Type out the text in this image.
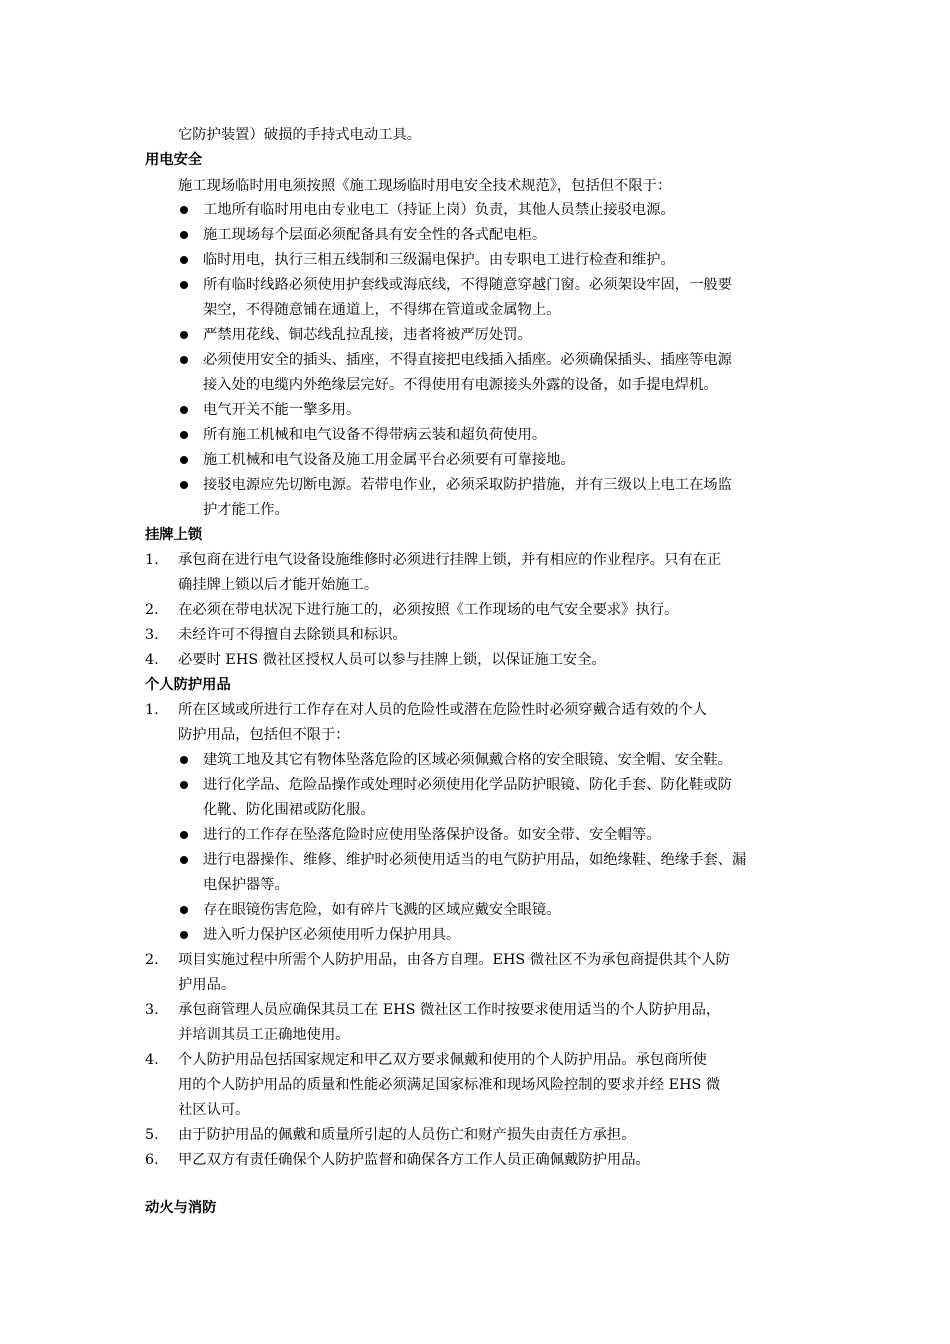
它防护装置）破损的手持式电动工具。
用电安全
施工现场临时用电须按照《施工现场临时用电安全技术规范》，包括但不限于：
工地所有临时用电由专业电工（持证上岗）负责，其他人员禁止接驳电源。
施工现场每个层面必须配备具有安全性的各式配电柜。
临时用电，执行三相五线制和三级漏电保护。由专职电工进行检查和维护。
所有临时线路必须使用护套线或海底线，不得随意穿越门窗。必须架设牢固，一般要
架空，不得随意铺在通道上，不得绑在管道或金属物上。
严禁用花线、铜芯线乱拉乱接，违者将被严厉处罚。
必须使用安全的插头、插座，不得直接把电线插入插座。必须确保插头、插座等电源
接入处的电缆内外绝缘层完好。不得使用有电源接头外露的设备，如手提电焊机。
电气开关不能一擎多用。
所有施工机械和电气设备不得带病云装和超负荷使用。
施工机械和电气设备及施工用金属平台必须要有可靠接地。
接驳电源应先切断电源。若带电作业，必须采取防护措施，并有三级以上电工在场监
护才能工作。
挂牌上锁
1. 承包商在进行电气设备设施维修时必须进行挂牌上锁，并有相应的作业程序。只有在正
确挂牌上锁以后才能开始施工。
2. 在必须在带电状况下进行施工的，必须按照《工作现场的电气安全要求》执行。
3. 未经许可不得擅自去除锁具和标识。
4. 必要时 EHS 微社区授权人员可以参与挂牌上锁，以保证施工安全。
个人防护用品
1. 所在区域或所进行工作存在对人员的危险性或潜在危险性时必须穿戴合适有效的个人
防护用品，包括但不限于：
建筑工地及其它有物体坠落危险的区域必须佩戴合格的安全眼镜、安全帽、安全鞋。
进行化学品、危险品操作或处理时必须使用化学品防护眼镜、防化手套、防化鞋或防
化靴、防化围裙或防化服。
进行的工作存在坠落危险时应使用坠落保护设备。如安全带、安全帽等。
进行电器操作、维修、维护时必须使用适当的电气防护用品，如绝缘鞋、绝缘手套、漏
电保护器等。
存在眼镜伤害危险，如有碎片飞溅的区域应戴安全眼镜。
进入听力保护区必须使用听力保护用具。
2. 项目实施过程中所需个人防护用品，由各方自理。EHS 微社区不为承包商提供其个人防
护用品。
3. 承包商管理人员应确保其员工在 EHS 微社区工作时按要求使用适当的个人防护用品，
并培训其员工正确地使用。
4. 个人防护用品包括国家规定和甲乙双方要求佩戴和使用的个人防护用品。承包商所使
用的个人防护用品的质量和性能必须满足国家标准和现场风险控制的要求并经 EHS 微
社区认可。
5. 由于防护用品的佩戴和质量所引起的人员伤亡和财产损失由责任方承担。
6. 甲乙双方有责任确保个人防护监督和确保各方工作人员正确佩戴防护用品。
动火与消防
